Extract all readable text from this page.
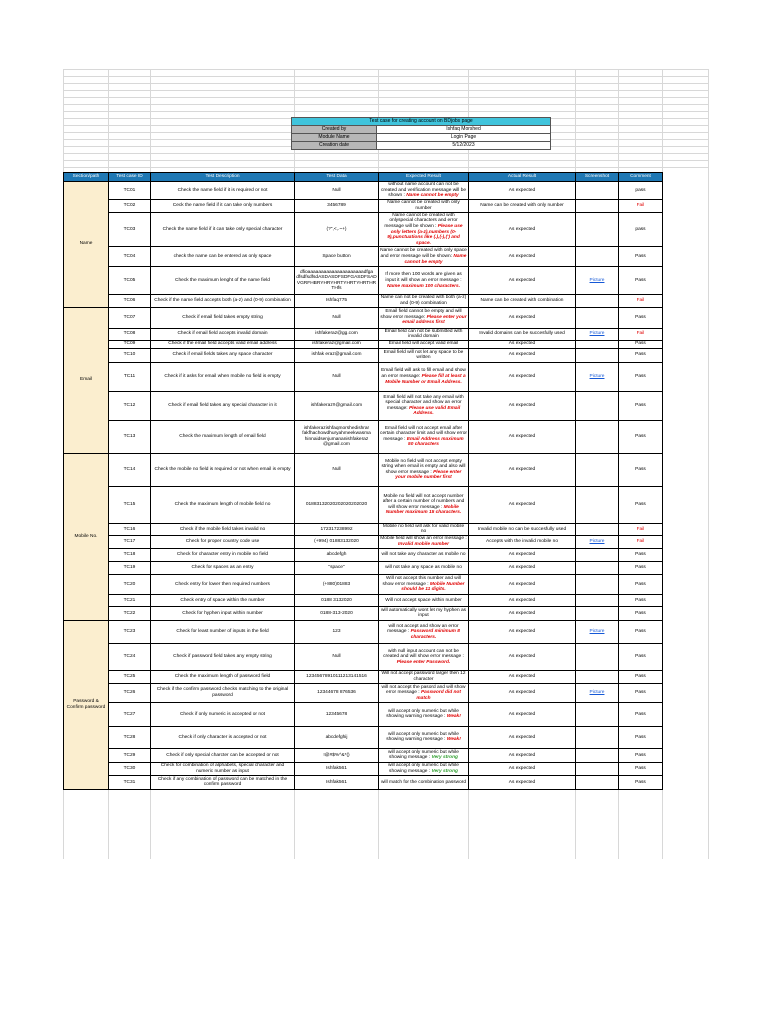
Test case for creating account on BDjobs page	
Created by	Ishfaq Morshed
Module Name	Login Page
Creation date	5/12/2023
Section/path	Test case ID	Test Description	Test Data	Expected Result	Actual Result	Screenshot	Comment
Name	TC01	Check the name field if it is required or not	Null	without name account can not be created and verification message will be shown : Name cannot be empty	As expected		pass
	TC02	Ceck the name field if it can take only numbers	3456789	Name cannot be created with only number	Name can be created with only number		Fail
	TC03	Check the name field if it can take only special character	(?",<,.~+)	Name cannot be created with onlyspecial characters and error message will be shown : Please use only letters (a-z),numbers (0-9),punctuations like (.),(-),(') and space.	As expected		pass
	TC04	check the name can be entered as only space	Space button	Name cannot be created with only space and error message will be shown: Name cannot be empty	As expected		Pass
	TC05	Check the maximum lenght of the name field	dfioaaaaaaaaaaaaaaaaaaaaadfga dfsdfsdfsdASDASDFSDFGASDFSADVGRFHBRYHRYHRTYHRTYHRTHRTHfs	If more then 100 words are given as input it will show an error message : Name maximum 100 characters.	As expected	Picture	Pass
	TC06	Check if the name field accepts both (a-z) and (0-9) combination	Ishfaq775	Name can not be created with both (a-z) and (0-9) combination	Name can be created with combination		Fail
Email	TC07	Check if email field takes empty string	Null	Email field cannot be empty and will show error message: Please enter your email address first	As expected		Pass
	TC08	Check if email field accepts invalid domain	ishfakeraz@gg.com	Email field can not be submitted with invalid domain	Invalid domains can be succesfully used	Picture	Fail
	TC09	Check if the email field accepts valid email address	ishfakeraz@gmail.com	Email field will accept valid email	As expected		Pass
	TC10	Check if email fields takes any space character	ishfak eraz@gmail.com	Email field will not let any space to be written	As expected		Pass
	TC11	Check if it asks for email when mobile no field is empty	Null	Email field will ask to fill email and show an error message: Please fill at least a Mobile Number or Email Address.	As expected	Picture	Pass
	TC12	Check if email field takes any special character in it	ishfakeraz!!@gmail.com	Email field will not take any email with special character and show an error message: Please use valid Email Address.	As expected		Pass
	TC13	Check the maximum length of email field	ishfakerazishfaqmorshedishrar fakfhachowdhuryahmeekwasma hinnaidsenjumananishfakeraz @gmail.com	Email field will not accept email after certain character limit and will show error message : Email Address maximum 50 characters	As expected		Pass
Mobile No.	TC14	Check the mobile no field is required or not when email is empty	Null	Mobile no field will not accept empty string when email is empty and also will show error message : Please enter your mobile number first	As expected		Pass
	TC15	Check the maximum length of mobile field no	01883132020202020202020	Mobile no field will not accept number after a certain number of numbers and will show error message : Mobile Number maximum 15 characters.	As expected		Pass
	TC16	Check if the mobile field takes invalid no	172317238992	Mobile no field will ask for valid mobile no	Invalid mobile no can be succesfully used		Fail
	TC17	Check for proper country code use	(+994) 01883132020	Mobile field will show an error message : Invalid mobile number	Accepts with the invalid mobile no	Picture	Fail
	TC18	Check for character entry in mobile no field	abcdefgh	will not take any character as mobile no	As expected		Pass
	TC19	Check for spaces as an entry	"space"	will not take any space as mobile no	As expected		Pass
	TC20	Check entry for lower then required numbers	(+880)01883	Will not accept this number and will show error message : Mobile Number should be 11 digits.	As expected		Pass
	TC21	Check entry of space within the number	0188 3132020	Will not accept space within number	As expected		Pass
	TC22	Check for hyphen input within number	0188-313-2020	will automatically wont let my hyphen as input	As expected		Pass
Password & Confirm password	TC23	Check for least number of inputs in the field	123	will not accept and show an error message : Password minimum 8 characters.	As expected	Picture	Pass
	TC24	Check if password field takes any empty string	Null	with null input account can not be created and will show error message : Please enter Password.	As expected		Pass
	TC25	Check the maximum length of password field	12345678910111213141516	Will not accept password larger then 12 character	As expected		Pass
	TC26	Check if the confirm password checks matching to the original password	12344678 876536	will not accept the pasord and will show error message : Password did not match	As expected	Picture	Pass
	TC27	Check if only numeric is accepted or not	12345678	will accept only numeric but while showing warning message : Weak!	As expected		Pass
	TC28	Check if only character is accepted or not	abcdefghij	will accept only numeric but while showing warning message : Weak!	As expected		Pass
	TC29	Check if only special charcter can be accepted or not	!@#$%^&*()	will accept only numeric but while showing message : Very strong	As expected		Pass
	TC30	Check for combination of alphabets, special character and numeric number as input	Ishfak561	will accept only numeric but while showing message : Very strong	As expected		Pass
	TC31	Check if any combination of password can be matched in the confirm password	Ishfak561	will match for the combination password	As expected		Pass
